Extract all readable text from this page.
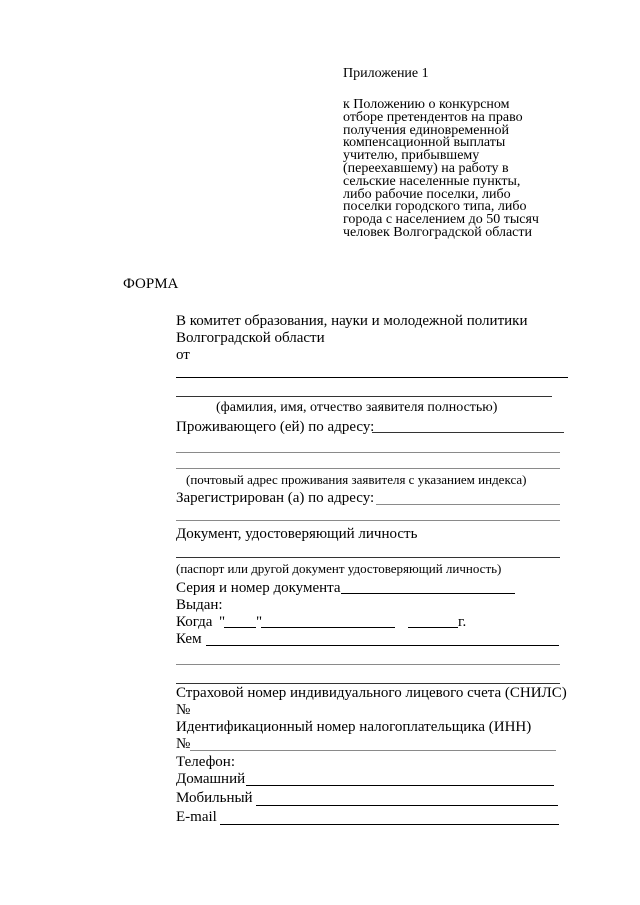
Приложение 1
к Положению о конкурсном
отборе претендентов на право
получения единовременной
компенсационной выплаты
учителю, прибывшему
(переехавшему) на работу в
сельские населенные пункты,
либо рабочие поселки, либо
поселки городского типа, либо
города с населением до 50 тысяч
человек Волгоградской области
ФОРМА
В комитет образования, науки и молодежной политики
Волгоградской области
от
(фамилия, имя, отчество заявителя полностью)
Проживающего (ей) по адресу:
(почтовый адрес проживания заявителя с указанием индекса)
Зарегистрирован (а) по адресу:
Документ, удостоверяющий личность
(паспорт или другой документ удостоверяющий личность)
Серия и номер документа
Выдан:
Когда " "	г.
Кем
Страховой номер индивидуального лицевого счета (СНИЛС)
№
Идентификационный номер налогоплательщика (ИНН)
№
Телефон:
Домашний
Мобильный
E-mail
